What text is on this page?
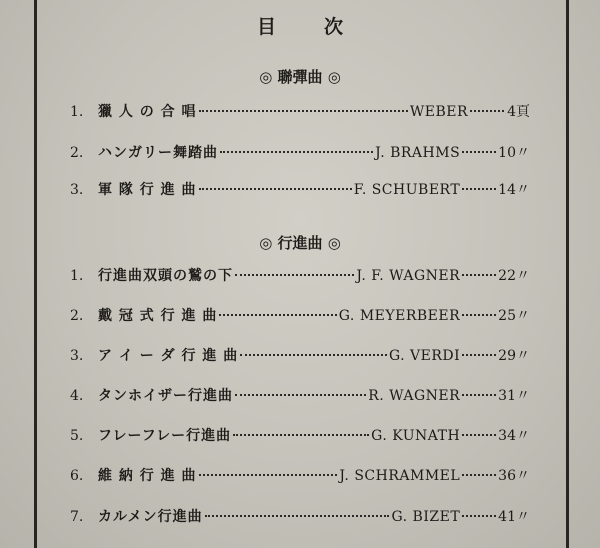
目次
◎ 聯彈曲 ◎
1.	獵 人 の 合 唱	WEBER	4頁
2.	ハンガリー舞踏曲	J. BRAHMS	10〃
3.	軍 隊 行 進 曲	F. SCHUBERT	14〃
◎ 行進曲 ◎
1.	行進曲双頭の鷲の下	J. F. WAGNER	22〃
2.	戴 冠 式 行 進 曲	G. MEYERBEER	25〃
3.	ア イ ー ダ 行 進 曲	G. VERDI	29〃
4.	タンホイザー行進曲	R. WAGNER	31〃
5.	フレーフレー行進曲	G. KUNATH	34〃
6.	維 納 行 進 曲	J. SCHRAMMEL	36〃
7.	カルメン行進曲	G. BIZET	41〃
